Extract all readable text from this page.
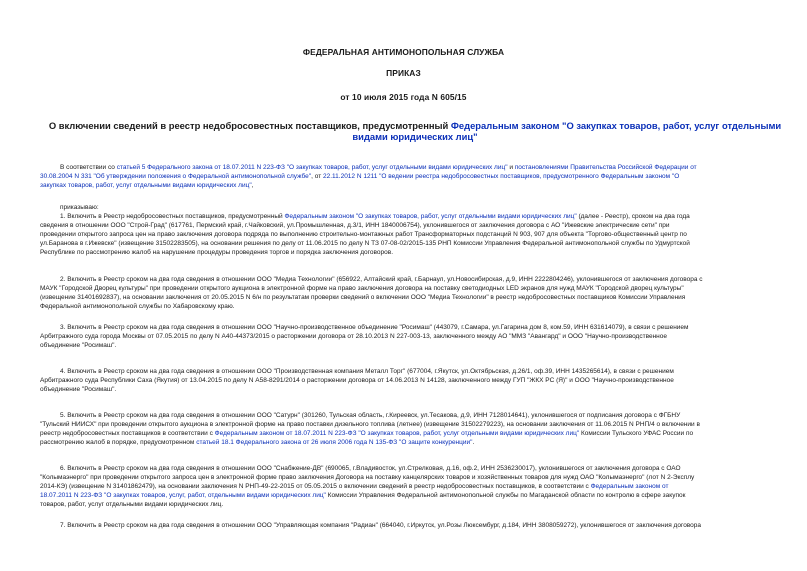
ФЕДЕРАЛЬНАЯ АНТИМОНОПОЛЬНАЯ СЛУЖБА
ПРИКАЗ
от 10 июля 2015 года N 605/15
О включении сведений в реестр недобросовестных поставщиков, предусмотренный Федеральным законом "О закупках товаров, работ, услуг отдельными видами юридических лиц"
В соответствии со статьей 5 Федерального закона от 18.07.2011 N 223-ФЗ "О закупках товаров, работ, услуг отдельными видами юридических лиц" и постановлениями Правительства Российской Федерации от
30.08.2004 N 331 "Об утверждении положения о Федеральной антимонопольной службе", от 22.11.2012 N 1211 "О ведении реестра недобросовестных поставщиков, предусмотренного Федеральным законом "О
закупках товаров, работ, услуг отдельными видами юридических лиц",
приказываю:
1. Включить в Реестр недобросовестных поставщиков, предусмотренный Федеральным законом "О закупках товаров, работ, услуг отдельными видами юридических лиц" (далее - Реестр), сроком на два года
сведения в отношении ООО "Строй-Град" (617761, Пермский край, г.Чайковский, ул.Промышленная, д.3/1, ИНН 1840006754), уклонившегося от заключения договора с АО "Ижевские электрические сети" при
проведении открытого запроса цен на право заключения договора подряда по выполнению строительно-монтажных работ Трансформаторных подстанций N 903, 907 для объекта "Торгово-общественный центр по
ул.Баранова в г.Ижевске" (извещение 31502283505), на основании решения по делу от 11.06.2015 по делу N ТЗ 07-08-02/2015-135 РНП Комиссии Управления Федеральной антимонопольной службы по Удмуртской
Республике по рассмотрению жалоб на нарушение процедуры проведения торгов и порядка заключения договоров.
2. Включить в Реестр сроком на два года сведения в отношении ООО "Медиа Технологии" (656922, Алтайский край, г.Барнаул, ул.Новосибирская, д.9, ИНН 2222804246), уклонившегося от заключения договора с
МАУК "Городской Дворец культуры" при проведении открытого аукциона в электронной форме на право заключения договора на поставку светодиодных LED экранов для нужд МАУК "Городской дворец культуры"
(извещение 31401692837), на основании заключения от 20.05.2015 N 6/н по результатам проверки сведений о включении ООО "Медиа Технологии" в реестр недобросовестных поставщиков Комиссии Управления
Федеральной антимонопольной службы по Хабаровскому краю.
3. Включить в Реестр сроком на два года сведения в отношении ООО "Научно-производственное объединение "Росимаш" (443079, г.Самара, ул.Гагарина дом 8, ком.59, ИНН 631614079), в связи с решением
Арбитражного суда города Москвы от 07.05.2015 по делу N А40-44373/2015 о расторжении договора от 28.10.2013 N 227-003-13, заключенного между АО "ММЗ "Авангард" и ООО "Научно-производственное
объединение "Росимаш".
4. Включить в Реестр сроком на два года сведения в отношении ООО "Производственная компания Металл Торг" (677004, г.Якутск, ул.Октябрьская, д.26/1, оф.39, ИНН 1435265614), в связи с решением
Арбитражного суда Республики Саха (Якутия) от 13.04.2015 по делу N А58-8291/2014 о расторжении договора от 14.06.2013 N 14128, заключенного между ГУП "ЖКХ РС (Я)" и ООО "Научно-производственное
объединение "Росимаш".
5. Включить в Реестр сроком на два года сведения в отношении ООО "Сатурн" (301260, Тульская область, г.Киреевск, ул.Тесакова, д.9, ИНН 7128014641), уклонившегося от подписания договора с ФГБНУ
"Тульский НИИСХ" при проведении открытого аукциона в электронной форме на право поставки дизельного топлива (летнее) (извещение 31502279223), на основании заключения от 11.06.2015 N РНП/4 о включении в
реестр недобросовестных поставщиков в соответствии с Федеральным законом от 18.07.2011 N 223-ФЗ "О закупках товаров, работ, услуг отдельными видами юридических лиц" Комиссии Тульского УФАС России по
рассмотрению жалоб в порядке, предусмотренном статьей 18.1 Федерального закона от 26 июля 2006 года N 135-ФЗ "О защите конкуренции".
6. Включить в Реестр сроком на два года сведения в отношении ООО "Снабжение-ДВ" (690065, г.Владивосток, ул.Стрелковая, д.16, оф.2, ИНН 2536230017), уклонившегося от заключения договора с ОАО
"Колымаэнерго" при проведении открытого запроса цен в электронной форме право заключения Договора на поставку канцелярских товаров и хозяйственных товаров для нужд ОАО "Колымаэнерго" (лот N 2-Эксплу
2014-КЭ) (извещение N 31401862479), на основании заключения N РНП-49-22-2015 от 05.05.2015 о включении сведений в реестр недобросовестных поставщиков, в соответствии с Федеральным законом от
18.07.2011 N 223-ФЗ "О закупках товаров, услуг, работ, отдельными видами юридических лиц" Комиссии Управления Федеральной антимонопольной службы по Магаданской области по контролю в сфере закупок
товаров, работ, услуг отдельными видами юридических лиц.
7. Включить в Реестр сроком на два года сведения в отношении ООО "Управляющая компания "Радиан" (664040, г.Иркутск, ул.Розы Люксембург, д.184, ИНН 3808059272), уклонившегося от заключения договора
